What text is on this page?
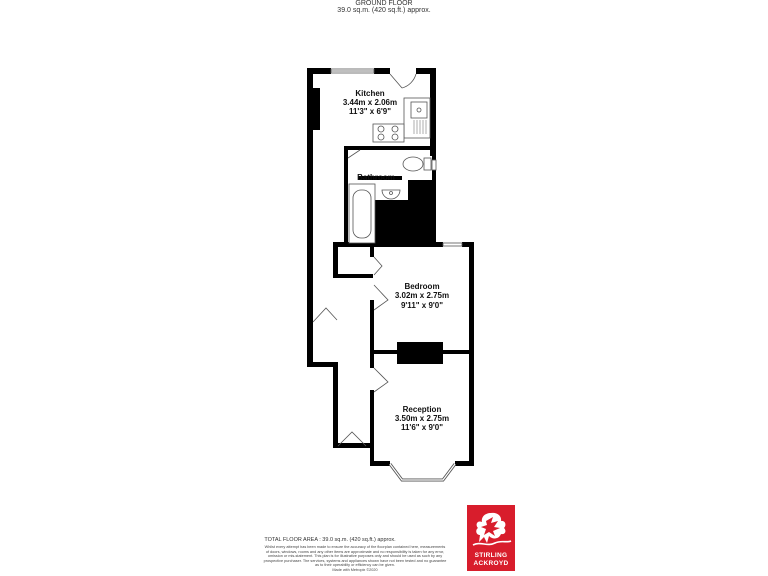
GROUND FLOOR
39.0 sq.m. (420 sq.ft.) approx.
Kitchen
3.44m x 2.06m
11'3" x 6'9"
Bathroom
Bedroom
3.02m x 2.75m
9'11" x 9'0"
Reception
3.50m x 2.75m
11'6" x 9'0"
TOTAL FLOOR AREA : 39.0 sq.m. (420 sq.ft.) approx.
Whilst every attempt has been made to ensure the accuracy of the floorplan contained here, measurements
of doors, windows, rooms and any other items are approximate and no responsibility is taken for any error,
omission or mis-statement. This plan is for illustrative purposes only and should be used as such by any
prospective purchaser. The services, systems and appliances shown have not been tested and no guarantee
as to their operability or efficiency can be given.
Made with Metropix ©2020
STIRLING
ACKROYD
